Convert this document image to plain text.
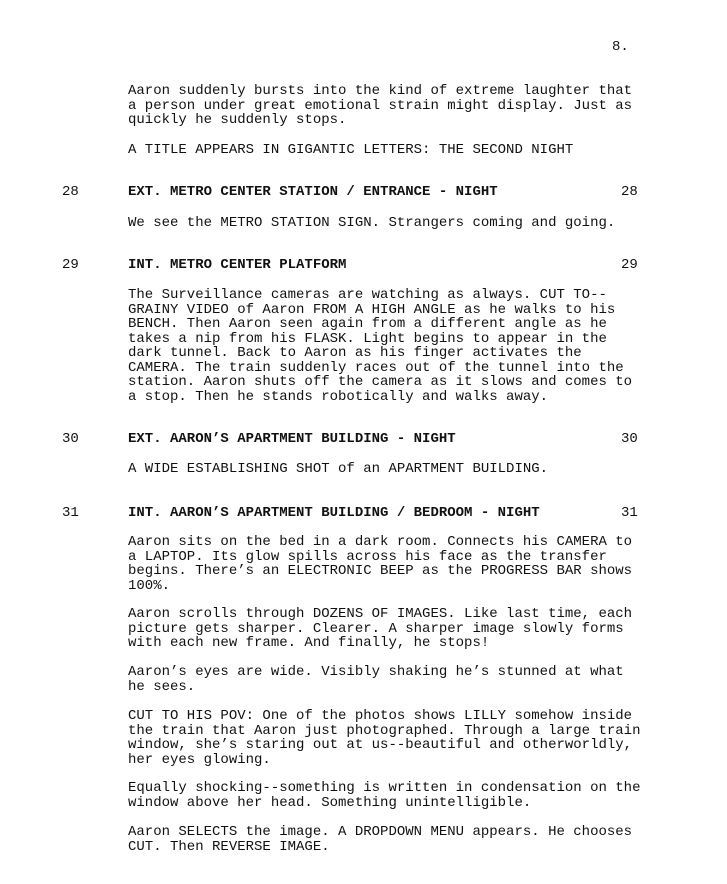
8.

Aaron suddenly bursts into the kind of extreme laughter that
a person under great emotional strain might display. Just as
quickly he suddenly stops.

A TITLE APPEARS IN GIGANTIC LETTERS: THE SECOND NIGHT

28	EXT. METRO CENTER STATION / ENTRANCE - NIGHT	28

We see the METRO STATION SIGN. Strangers coming and going.

29	INT. METRO CENTER PLATFORM	29

The Surveillance cameras are watching as always. CUT TO--
GRAINY VIDEO of Aaron FROM A HIGH ANGLE as he walks to his
BENCH. Then Aaron seen again from a different angle as he
takes a nip from his FLASK. Light begins to appear in the
dark tunnel. Back to Aaron as his finger activates the
CAMERA. The train suddenly races out of the tunnel into the
station. Aaron shuts off the camera as it slows and comes to
a stop. Then he stands robotically and walks away.

30	EXT. AARON’S APARTMENT BUILDING - NIGHT	30

A WIDE ESTABLISHING SHOT of an APARTMENT BUILDING.

31	INT. AARON’S APARTMENT BUILDING / BEDROOM - NIGHT	31

Aaron sits on the bed in a dark room. Connects his CAMERA to
a LAPTOP. Its glow spills across his face as the transfer
begins. There’s an ELECTRONIC BEEP as the PROGRESS BAR shows
100%.

Aaron scrolls through DOZENS OF IMAGES. Like last time, each
picture gets sharper. Clearer. A sharper image slowly forms
with each new frame. And finally, he stops!

Aaron’s eyes are wide. Visibly shaking he’s stunned at what
he sees.

CUT TO HIS POV: One of the photos shows LILLY somehow inside
the train that Aaron just photographed. Through a large train
window, she’s staring out at us--beautiful and otherworldly,
her eyes glowing.

Equally shocking--something is written in condensation on the
window above her head. Something unintelligible.

Aaron SELECTS the image. A DROPDOWN MENU appears. He chooses
CUT. Then REVERSE IMAGE.
